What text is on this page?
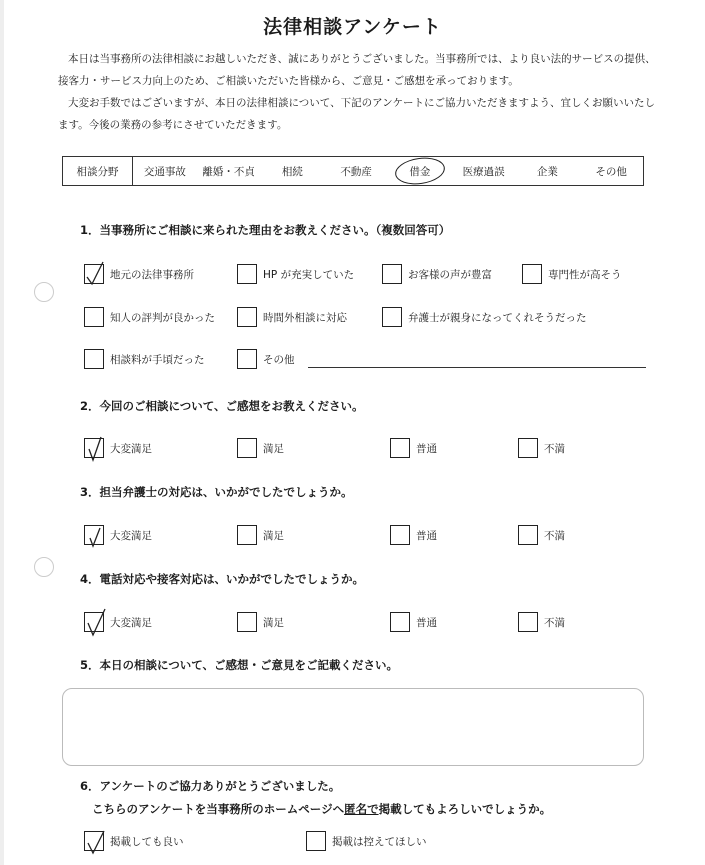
法律相談アンケート
本日は当事務所の法律相談にお越しいただき、誠にありがとうございました。当事務所では、より良い法的サービスの提供、接客力・サービス力向上のため、ご相談いただいた皆様から、ご意見・ご感想を承っております。
大変お手数ではございますが、本日の法律相談について、下記のアンケートにご協力いただきますよう、宜しくお願いいたします。今後の業務の参考にさせていただきます。
相談分野	交通事故 離婚・不貞	相続	不動産	借金	医療過誤	企業	その他
1．当事務所にご相談に来られた理由をお教えください。（複数回答可）
地元の法律事務所	HP が充実していた	お客様の声が豊富	専門性が高そう
知人の評判が良かった	時間外相談に対応	弁護士が親身になってくれそうだった
相談料が手頃だった	その他
2．今回のご相談について、ご感想をお教えください。
大変満足	満足	普通	不満
3．担当弁護士の対応は、いかがでしたでしょうか。
大変満足	満足	普通	不満
4．電話対応や接客対応は、いかがでしたでしょうか。
大変満足	満足	普通	不満
5．本日の相談について、ご感想・ご意見をご記載ください。
6．アンケートのご協力ありがとうございました。
こちらのアンケートを当事務所のホームページへ匿名で掲載してもよろしいでしょうか。
掲載しても良い	掲載は控えてほしい
